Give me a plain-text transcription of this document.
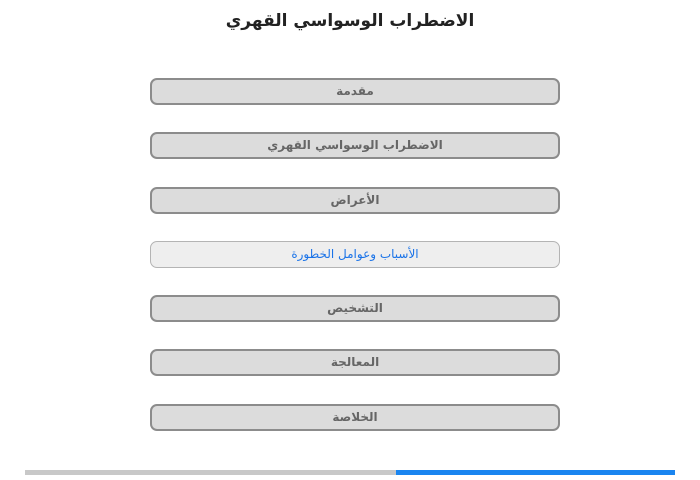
الاضطراب الوسواسي القهري
مقدمة
الاضطراب الوسواسي القهري
الأعراض
الأسباب وعوامل الخطورة
التشخيص
المعالجة
الخلاصة
